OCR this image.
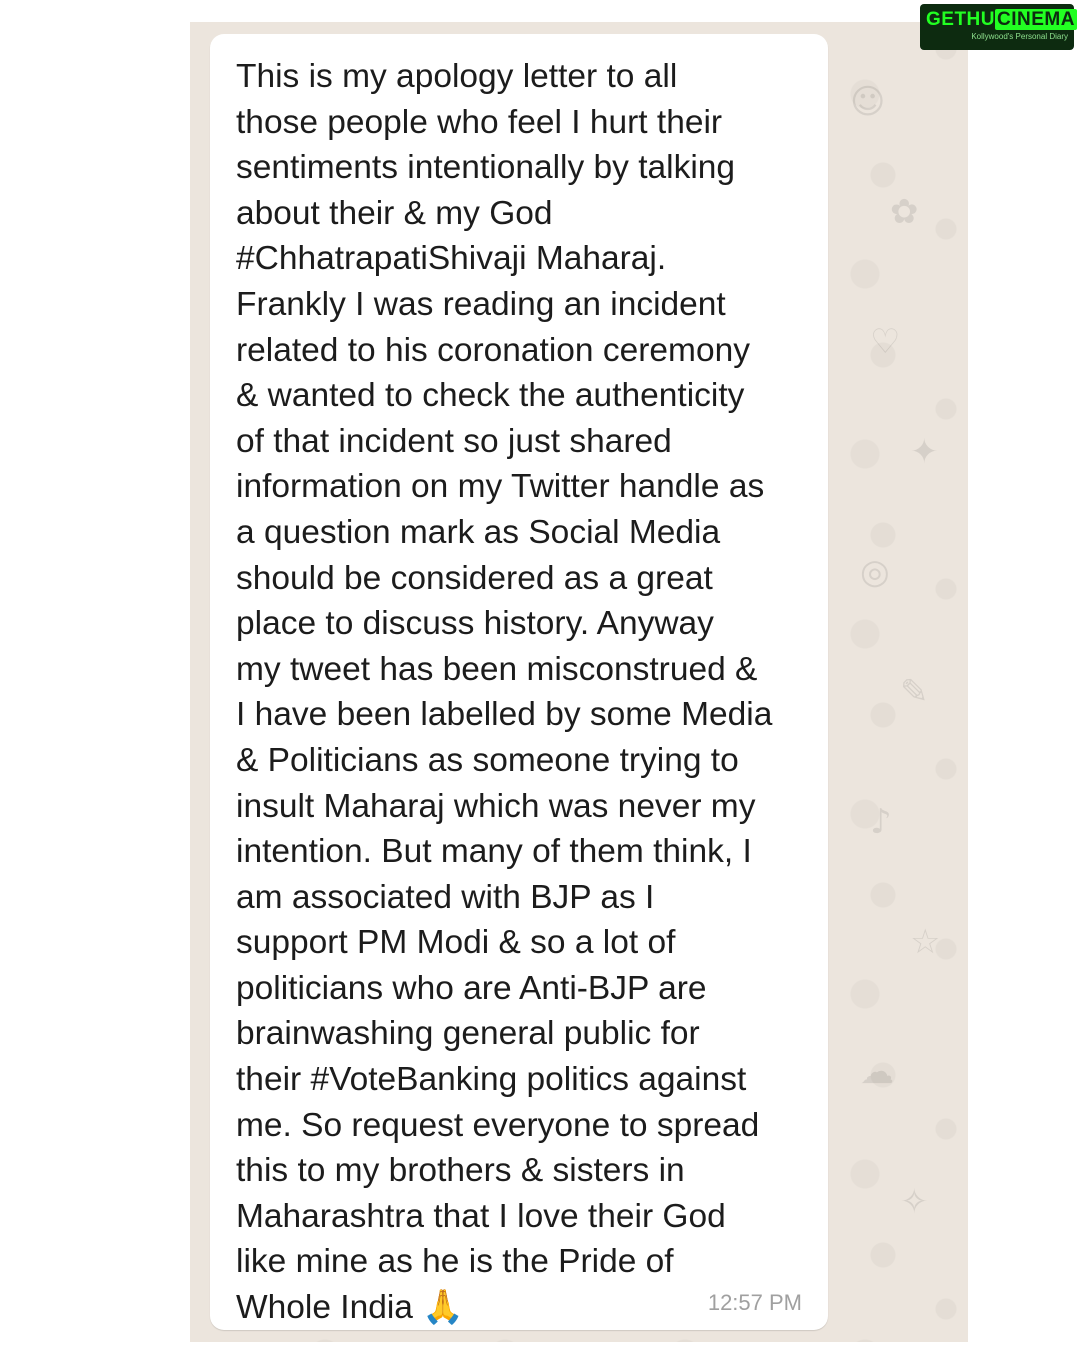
☺
✿
♡
✦
◎
✎
♪
☆
☁
✧

This is my apology letter to all
those people who feel I hurt their
sentiments intentionally by talking
about their & my God
#ChhatrapatiShivaji Maharaj.
Frankly I was reading an incident
related to his coronation ceremony
& wanted to check the authenticity
of that incident so just shared
information on my Twitter handle as
a question mark as Social Media
should be considered as a great
place to discuss history. Anyway
my tweet has been misconstrued &
I have been labelled by some Media
& Politicians as someone trying to
insult Maharaj which was never my
intention. But many of them think, I
am associated with BJP as I
support PM Modi & so a lot of
politicians who are Anti-BJP are
brainwashing general public for
their #VoteBanking politics against
me. So request everyone to spread
this to my brothers & sisters in
Maharashtra that I love their God
like mine as he is the Pride of
Whole India 🙏	12:57 PM
GETHU CINEMA
Kollywood's Personal Diary
